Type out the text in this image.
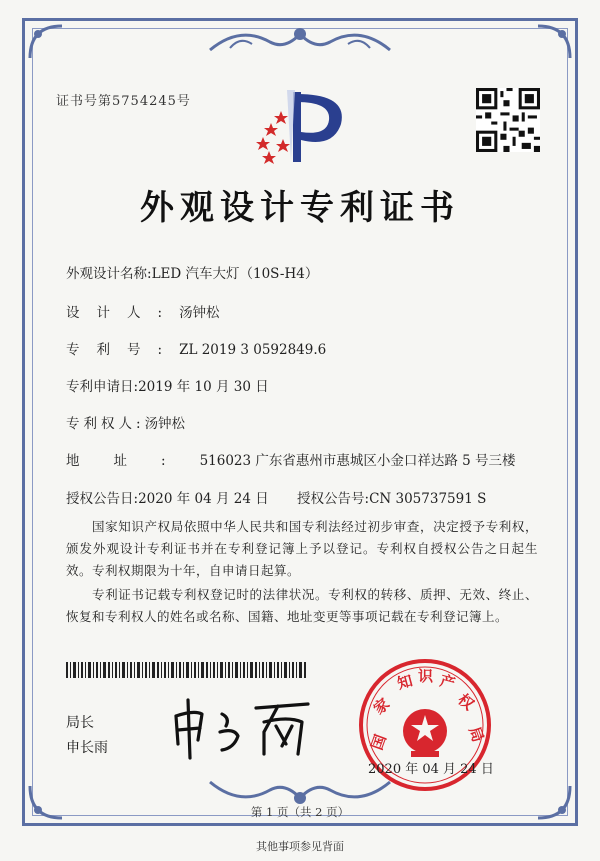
证书号第5754245号
外观设计专利证书
外观设计名称:LED 汽车大灯（10S-H4）
设计人:汤钟松
专利号:ZL 2019 3 0592849.6
专利申请日:2019 年 10 月 30 日
专利权人:汤钟松
地址:516023 广东省惠州市惠城区小金口祥达路 5 号三楼
授权公告日:2020 年 04 月 24 日 授权公告号:CN 305737591 S

国家知识产权局依照中华人民共和国专利法经过初步审查，决定授予专利权，颁发外观设计专利证书并在专利登记簿上予以登记。专利权自授权公告之日起生效。专利权期限为十年，自申请日起算。

专利证书记载专利权登记时的法律状况。专利权的转移、质押、无效、终止、恢复和专利权人的姓名或名称、国籍、地址变更等事项记载在专利登记簿上。

局长
申长雨	国
家
知 识 产
权
局
2020 年 04 月 24 日
第 1 页（共 2 页）
其他事项参见背面
